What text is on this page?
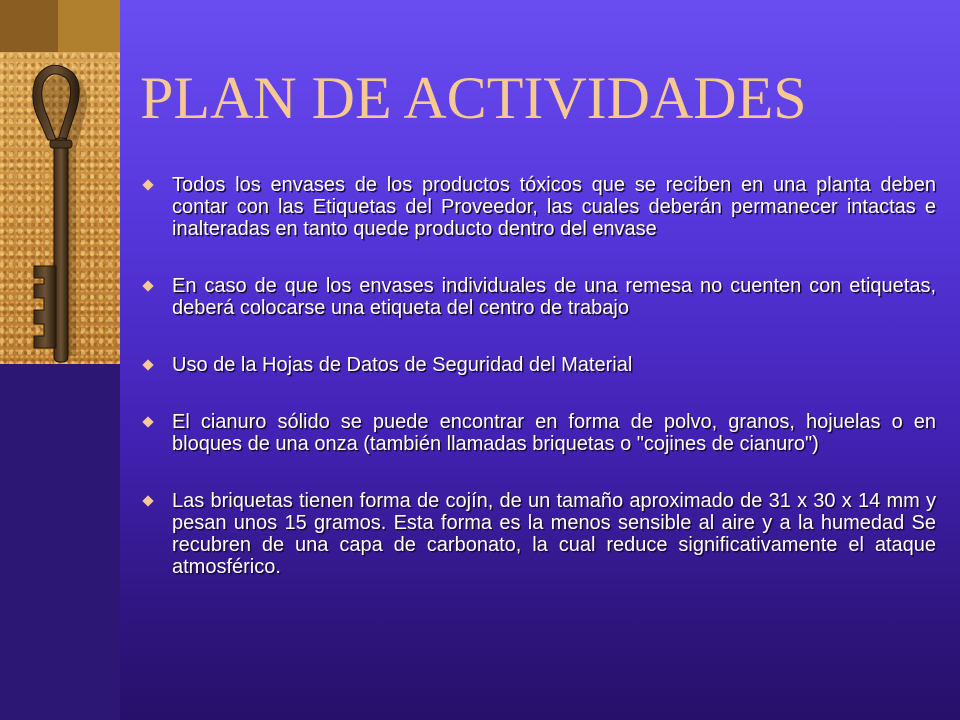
PLAN DE ACTIVIDADES
Todos los envases de los productos tóxicos que se reciben en una planta deben contar con las Etiquetas del Proveedor, las cuales deberán permanecer intactas e inalteradas en tanto quede producto dentro del envase
En caso de que los envases individuales de una remesa no cuenten con etiquetas, deberá colocarse una etiqueta del centro de trabajo
Uso de la Hojas de Datos de Seguridad del Material
El cianuro sólido se puede encontrar en forma de polvo, granos, hojuelas o en bloques de una onza (también llamadas briquetas o "cojines de cianuro")
Las briquetas tienen forma de cojín, de un tamaño aproximado de 31 x 30 x 14 mm y pesan unos 15 gramos. Esta forma es la menos sensible al aire y a la humedad Se recubren de una capa de carbonato, la cual reduce significativamente el ataque atmosférico.
